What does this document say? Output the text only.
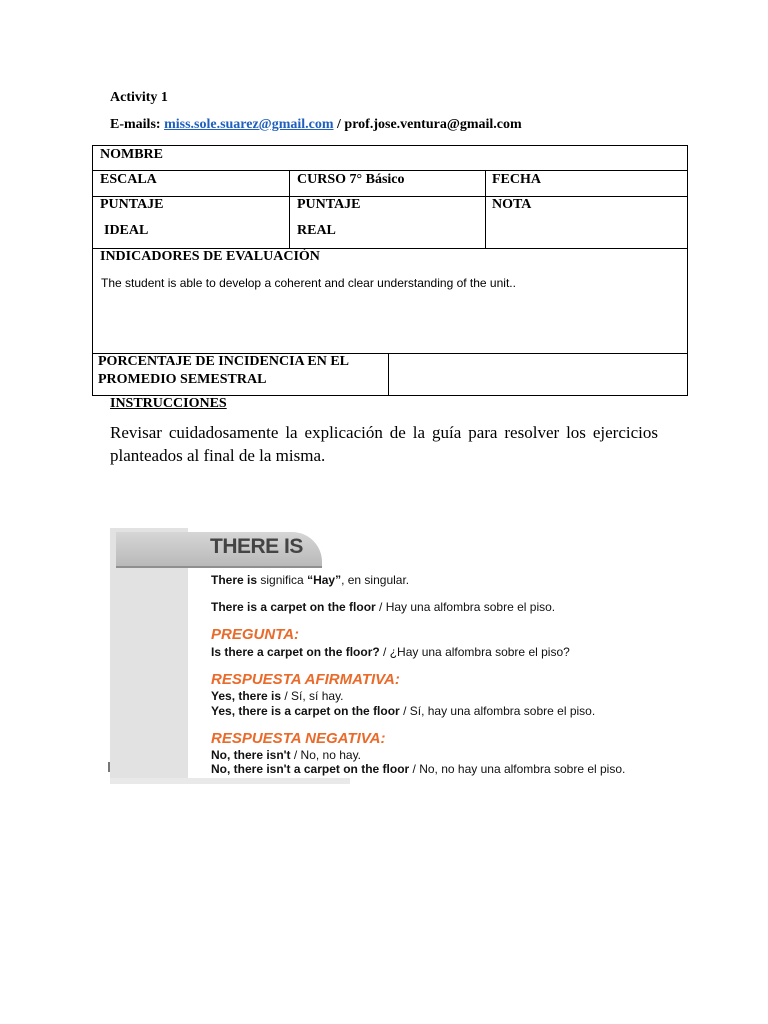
Activity 1
E-mails: miss.sole.suarez@gmail.com / prof.jose.ventura@gmail.com
NOMBRE
ESCALA	CURSO 7° Básico	FECHA
PUNTAJE
IDEAL
PUNTAJE
REAL
NOTA
INDICADORES DE EVALUACIÓN
The student is able to develop a coherent and clear understanding of the unit..
PORCENTAJE DE INCIDENCIA EN EL
PROMEDIO SEMESTRAL
INSTRUCCIONES
Revisar cuidadosamente la explicación de la guía para resolver los ejercicios planteados al final de la misma.
THERE IS
There is significa “Hay”, en singular.
There is a carpet on the floor / Hay una alfombra sobre el piso.
PREGUNTA:
Is there a carpet on the floor? / ¿Hay una alfombra sobre el piso?
RESPUESTA AFIRMATIVA:
Yes, there is / Sí, sí hay.
Yes, there is a carpet on the floor / Sí, hay una alfombra sobre el piso.
RESPUESTA NEGATIVA:
No, there isn't / No, no hay.
No, there isn't a carpet on the floor / No, no hay una alfombra sobre el piso.
